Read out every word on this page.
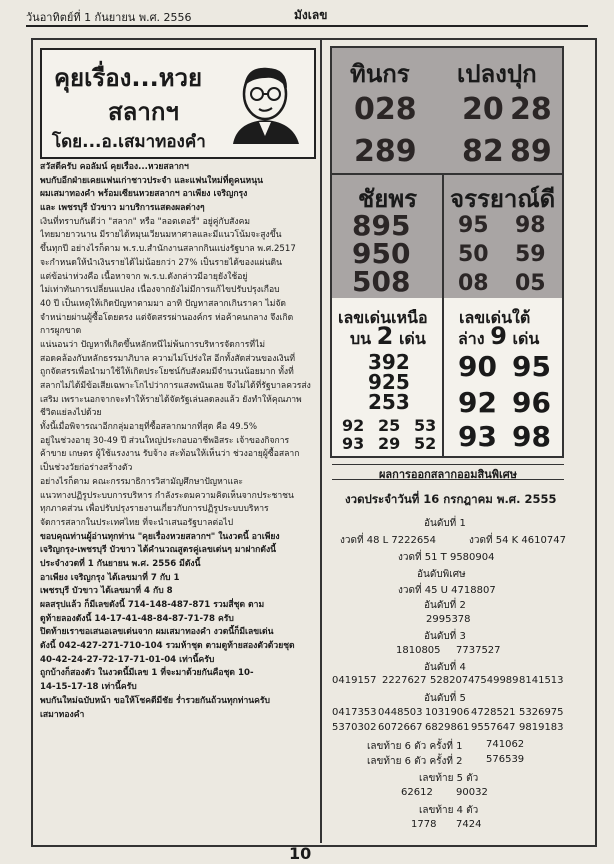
วันอาทิตย์ที่ 1 กันยายน พ.ศ. 2556	มังเลข
คุยเรื่อง...หวย
สลากฯ
โดย...อ.เสมาทองคำ
สวัสดีครับ คอลัมน์ คุยเรื่อง...หวยสลากฯ
พบกับอีกฝ่ายเคยแฟนเก่าชาวประจำ และแฟนใหม่ที่ดูคนหนุน
ผมเสมาทองคำ พร้อมเซียนหวยสลากฯ อาเพียง เจริญกรุง
และ เพชรบุรี บัวขาว มาบริการแสดงผลต่างๆ
เงินที่ทราบกันดีว่า "สลาก" หรือ "ลอตเตอรี่" อยู่คู่กับสังคม
ไทยมายาวนาน มีรายได้หมุนเวียนมหาศาลและมีแนวโน้มจะสูงขึ้น
ขึ้นทุกปี อย่างไรก็ตาม พ.ร.บ.สำนักงานสลากกินแบ่งรัฐบาล พ.ศ.2517
จะกำหนดให้นำเงินรายได้ไม่น้อยกว่า 27% เป็นรายได้ของแผ่นดิน
แต่ข้อน่าห่วงคือ เนื้อหาจาก พ.ร.บ.ดังกล่าวมีอายุยังใช้อยู่
ไม่เท่าทันการเปลี่ยนแปลง เนื่องจากยังไม่มีการแก้ไขปรับปรุงเกือบ
40 ปี เป็นเหตุให้เกิดปัญหาตามมา อาทิ ปัญหาสลากเกินราคา ไม่จัด
จำหน่ายผ่านผู้ซื้อโดยตรง แต่จัดสรรผ่านองค์กร ห่อค้าคนกลาง จึงเกิด
การผูกขาด
แน่นอนว่า ปัญหาที่เกิดขึ้นหลักหนีไม่พ้นการบริหารจัดการที่ไม่
สอดคล้องกับหลักธรรมาภิบาล ความไม่โปร่งใส อีกทั้งสัดส่วนของเงินที่
ถูกจัดสรรเพื่อนำมาใช้ให้เกิดประโยชน์กับสังคมมีจำนวนน้อยมาก ทั้งที่
สลากไม่ได้มีข้อเสียเฉพาะโกไปว่าการแสงพนันเลย จึงไม่ได้ที่รัฐบาลควรส่ง
เสริม เพราะนอกจากจะทำให้รายได้จัดรัฐเล่นลดลงแล้ว ยังทำให้คุณภาพ
ชีวิตแย่ลงไปด้วย
ทั้งนี้เมื่อพิจารณาอีกกลุ่มอายุที่ซื้อสลากมากที่สุด คือ 49.5%
อยู่ในช่วงอายุ 30-49 ปี ส่วนใหญ่ประกอบอาชีพอิสระ เจ้าของกิจการ
ค้าขาย เกษตร ผู้ใช้แรงงาน รับจ้าง สะท้อนให้เห็นว่า ช่วงอายุผู้ซื้อสลาก
เป็นช่วงวัยก่อร่างสร้างตัว
อย่างไรก็ตาม คณะกรรมาธิการวิสามัญศึกษาปัญหาและ
แนวทางปฏิรูประบบการบริหาร กำลังระดมความคิดเห็นจากประชาชน
ทุกภาคส่วน เพื่อปรับปรุงรายงานเกี่ยวกับการปฏิรูประบบบริหาร
จัดการสลากในประเทศไทย ที่จะนำเสนอรัฐบาลต่อไป
ขอบคุณท่านผู้อ่านทุกท่าน "คุยเรื่องหวยสลากฯ" ในงวดนี้ อาเพียง
เจริญกรุง-เพชรบุรี บัวขาว ได้คำนวณสูตรคู่เลขเด่นๆ มาฝากดังนี้
ประจำงวดที่ 1 กันยายน พ.ศ. 2556 มีดังนี้
อาเพียง เจริญกรุง ได้เลขมาที่ 7 กับ 1
เพชรบุรี บัวขาว ได้เลขมาที่ 4 กับ 8
ผลสรุปแล้ว ก็มีเลขดังนี้ 714-148-487-871 รวมสี่ชุด ตาม
ดูท้ายลองดังนี้ 14-17-41-48-84-87-71-78 ครับ
ปิดท้ายเราขอเสนอเลขเด่นจาก ผมเสมาทองคำ งวดนี้ก็มีเลขเด่น
ดังนี้ 042-427-271-710-104 รวมห้าชุด ตามดูท้ายสองตัวด้วยชุด
40-42-24-27-72-17-71-01-04 เท่านี้ครับ
ถูกบ้างก็สองตัว ในงวดนี้มีเลข 1 ที่จะมาด้วยกันคือชุด 10-
14-15-17-18 เท่านี้ครับ
พบกันใหม่ฉบับหน้า ขอให้โชคดีมีชัย ร่ำรวยกันถ้วนทุกท่านครับ
เสมาทองคำ
ทินกร เปลงปุก
028
289
20 28
82 89
ชัยพร จรรยาณ์ดี
895
950
508
95 98
50 59
08 05
เลขเด่นเหนือ
บน 2 เด่น
392
925
253
92 25 53
93 29 52
เลขเด่นใต้
ล่าง 9 เด่น
90 95
92 96
93 98
ผลการออกสลากออมสินพิเศษ
งวดประจำวันที่ 16 กรกฎาคม พ.ศ. 2555
อันดับที่ 1
งวดที่ 48 L 7222654	งวดที่ 54 K 4610747
งวดที่ 51 T 9580904
อันดับพิเศษ
งวดที่ 45 U 4718807
อันดับที่ 2
2995378
อันดับที่ 3
1810805 7737527
อันดับที่ 4
0419157 2227627 5282074 7549989 8141513
อันดับที่ 5
0417353 0448503 1031906 4728521 5326975
5370302 6072667 6829861 9557647 9819183
เลขท้าย 6 ตัว ครั้งที่ 1 741062
เลขท้าย 6 ตัว ครั้งที่ 2 576539
เลขท้าย 5 ตัว
62612 90032
เลขท้าย 4 ตัว
1778 7424
10
